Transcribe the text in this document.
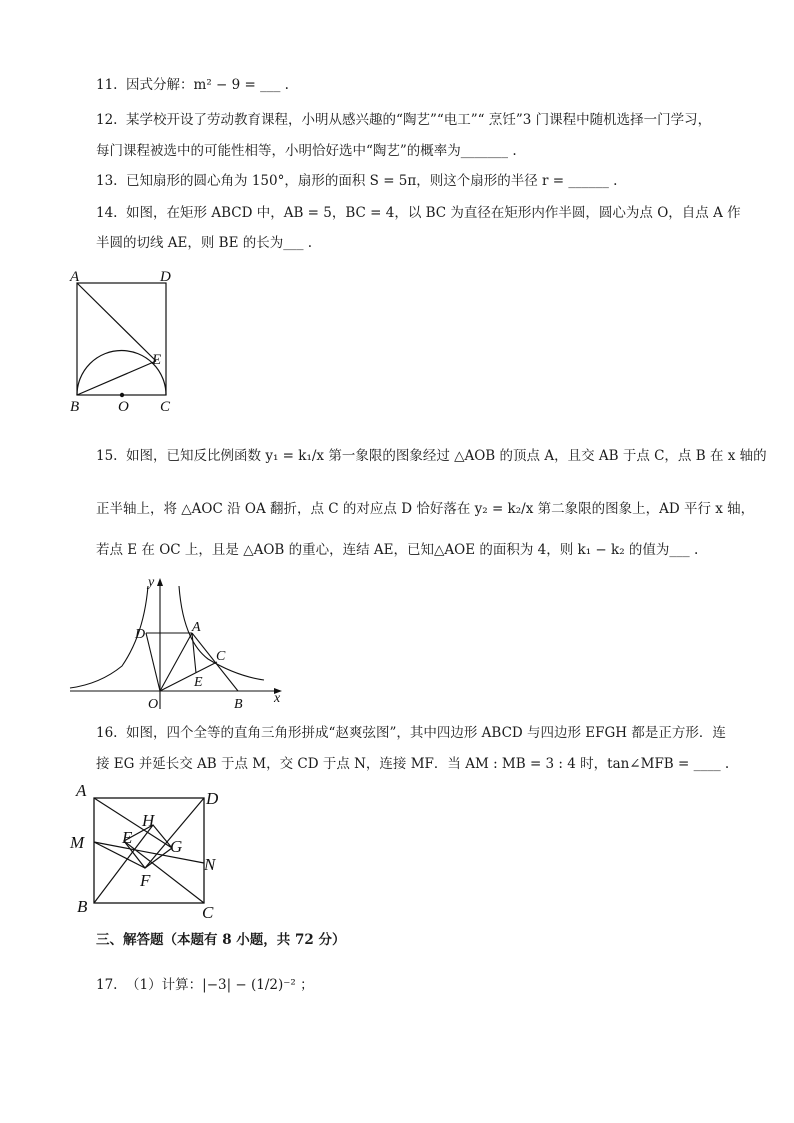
11.  因式分解：m² − 9 = ___ .
12.  某学校开设了劳动教育课程，小明从感兴趣的“陶艺”“电工”“ 烹饪”3 门课程中随机选择一门学习，
每门课程被选中的可能性相等，小明恰好选中“陶艺”的概率为_______ .
13.  已知扇形的圆心角为 150°，扇形的面积 S = 5π，则这个扇形的半径 r = ______ .
14.  如图，在矩形 ABCD 中，AB = 5，BC = 4，以 BC 为直径在矩形内作半圆，圆心为点 O，自点 A 作
半圆的切线 AE，则 BE 的长为___ .
A	D
E
B	O C
15.  如图，已知反比例函数 y₁ = k₁/x 第一象限的图象经过 △AOB 的顶点 A，且交 AB 于点 C，点 B 在 x 轴的
正半轴上，将 △AOC 沿 OA 翻折，点 C 的对应点 D 恰好落在 y₂ = k₂/x 第二象限的图象上，AD 平行 x 轴，
若点 E 在 OC 上，且是 △AOB 的重心，连结 AE，已知△AOE 的面积为 4，则 k₁ − k₂ 的值为___ .
y
D	A
C
E
O	B x
16.  如图，四个全等的直角三角形拼成“赵爽弦图”，其中四边形 ABCD 与四边形 EFGH 都是正方形．连
接 EG 并延长交 AB 于点 M，交 CD 于点 N，连接 MF．当 AM : MB = 3 : 4 时，tan∠MFB = ____ .
A	D
H
M E G
N
F
B	C
三、解答题（本题有 8 小题，共 72 分）
17.  （1）计算：|−3| − (1/2)⁻² ；
